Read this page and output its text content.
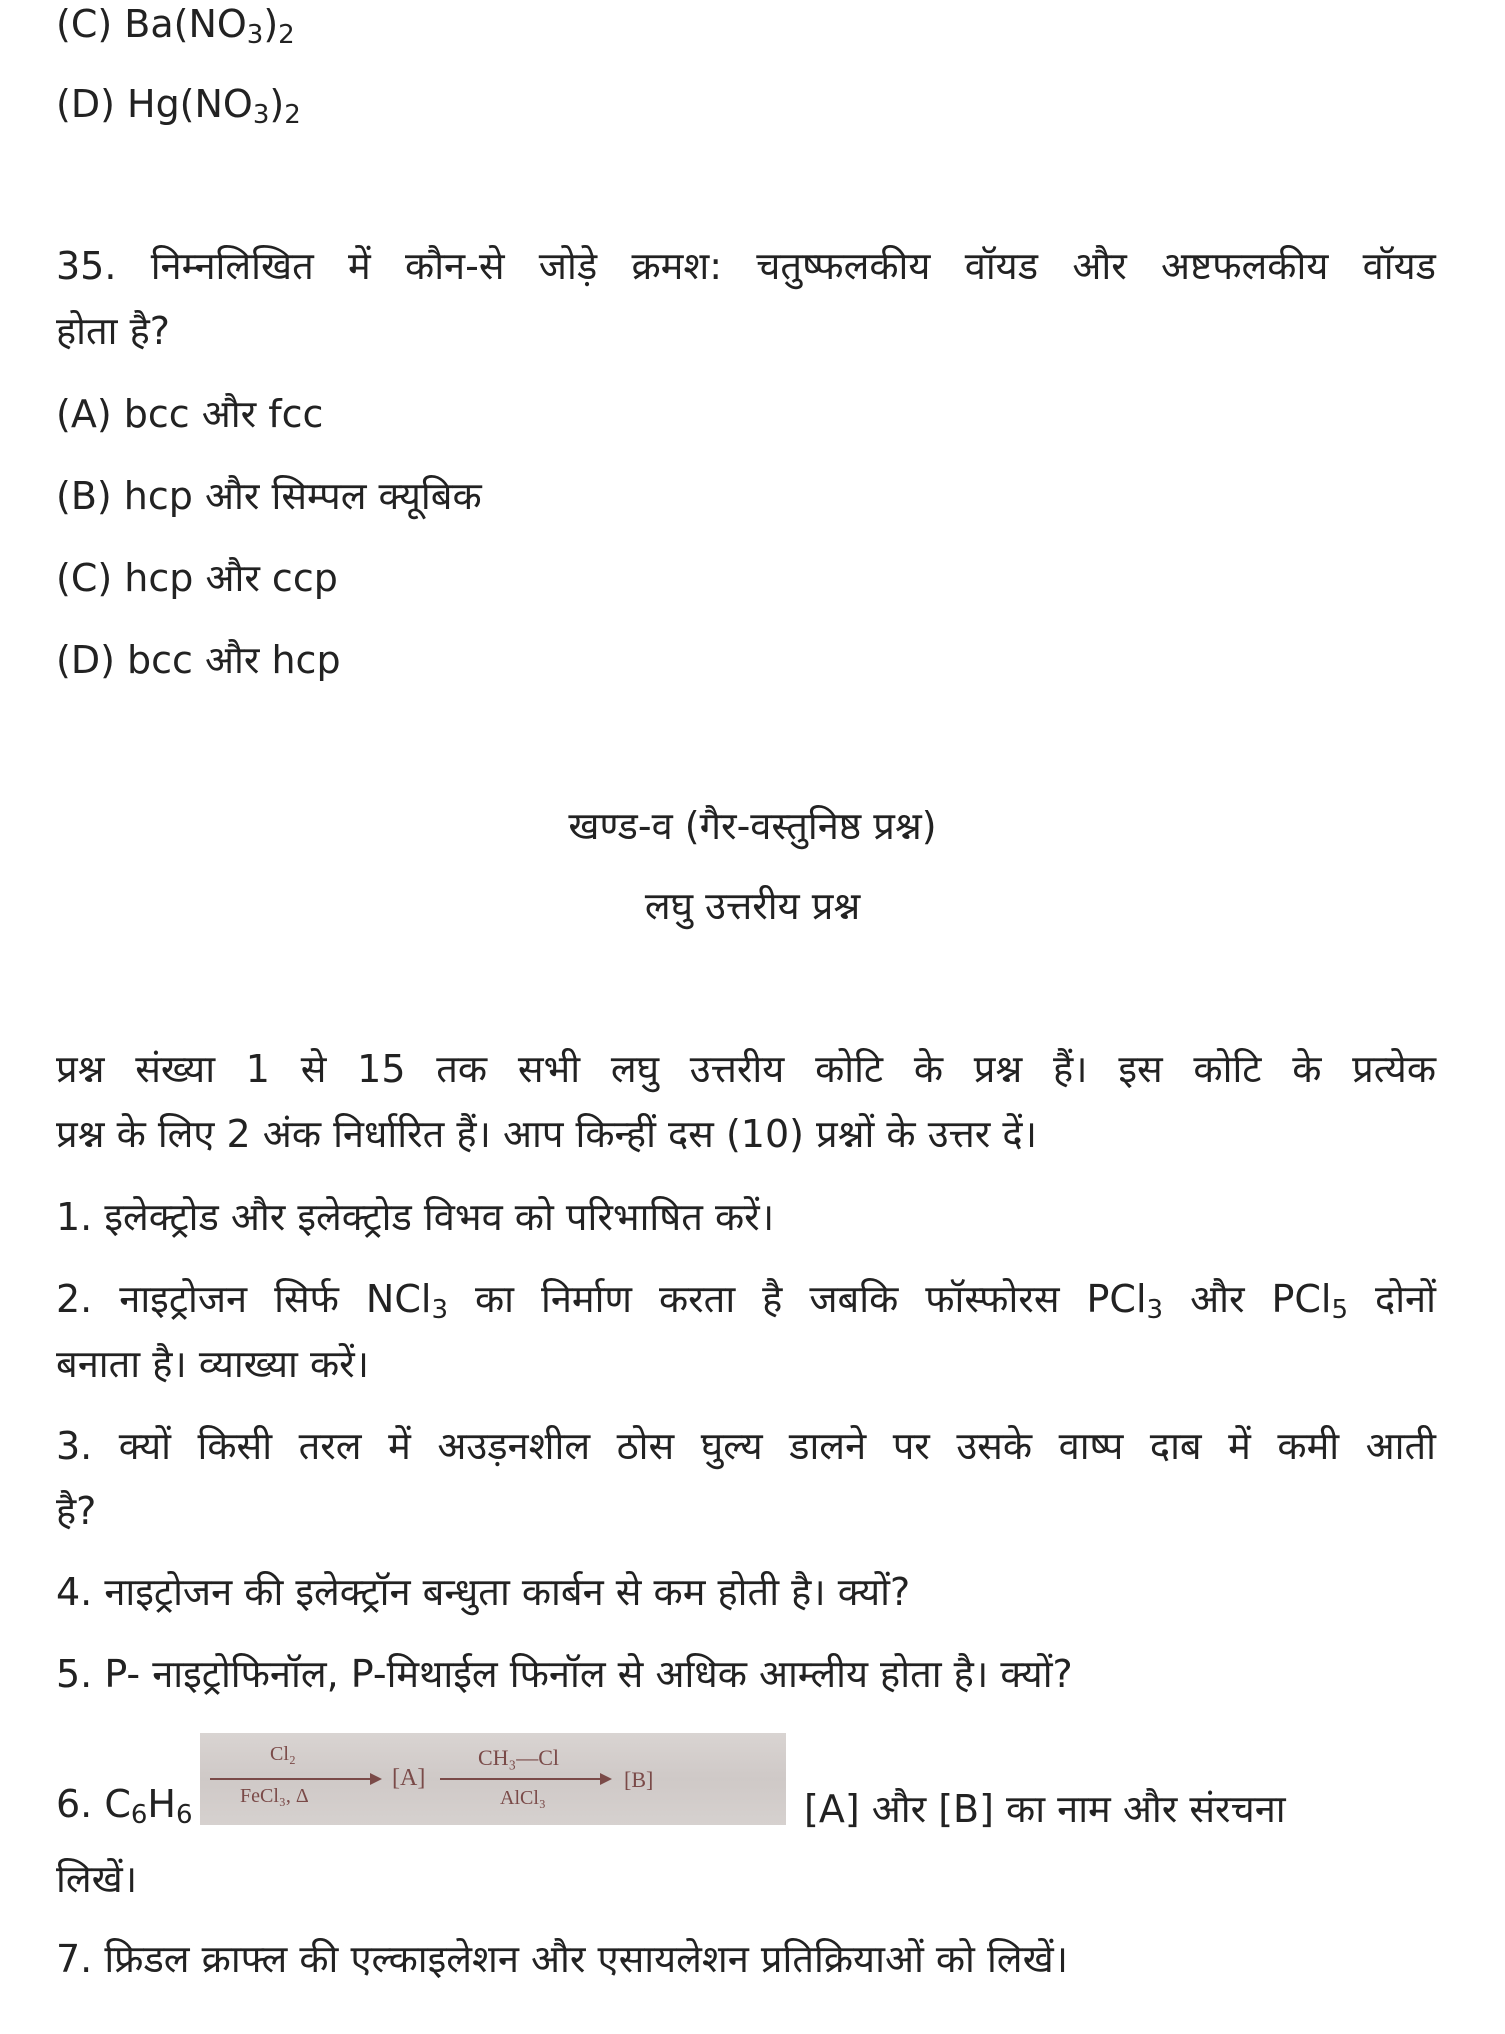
(C) $Ba(NO_3)_2$
(D) $Hg(NO_3)_2$
35. निम्नलिखित में कौन-से जोड़े क्रमश: चतुष्फलकीय वॉयड और अष्टफलकीय वॉयड
होता है?
(A) bcc और fcc
(B) hcp और सिम्पल क्यूबिक
(C) hcp और ccp
(D) bcc और hcp
खण्ड-व (गैर-वस्तुनिष्ठ प्रश्न)
लघु उत्तरीय प्रश्न
प्रश्न संख्या 1 से 15 तक सभी लघु उत्तरीय कोटि के प्रश्न हैं। इस कोटि के प्रत्येक
प्रश्न के लिए 2 अंक निर्धारित हैं। आप किन्हीं दस (10) प्रश्नों के उत्तर दें।
1. इलेक्ट्रोड और इलेक्ट्रोड विभव को परिभाषित करें।
2. नाइट्रोजन सिर्फ NCl$_3$ का निर्माण करता है जबकि फॉस्फोरस PCl$_3$ और PCl$_5$ दोनों
बनाता है। व्याख्या करें।
3. क्यों किसी तरल में अउड़नशील ठोस घुल्य डालने पर उसके वाष्प दाब में कमी आती
है?
4. नाइट्रोजन की इलेक्ट्रॉन बन्धुता कार्बन से कम होती है। क्यों?
5. P- नाइट्रोफिनॉल, P-मिथाईल फिनॉल से अधिक आम्लीय होता है। क्यों?
6. $C_6H_6$
Cl₂
FeCl₃, Δ
[A]
CH₃—Cl
AlCl₃
[B]
[A] और [B] का नाम और संरचना
लिखें।
7. फ्रिडल क्राफ्ल की एल्काइलेशन और एसायलेशन प्रतिक्रियाओं को लिखें।
